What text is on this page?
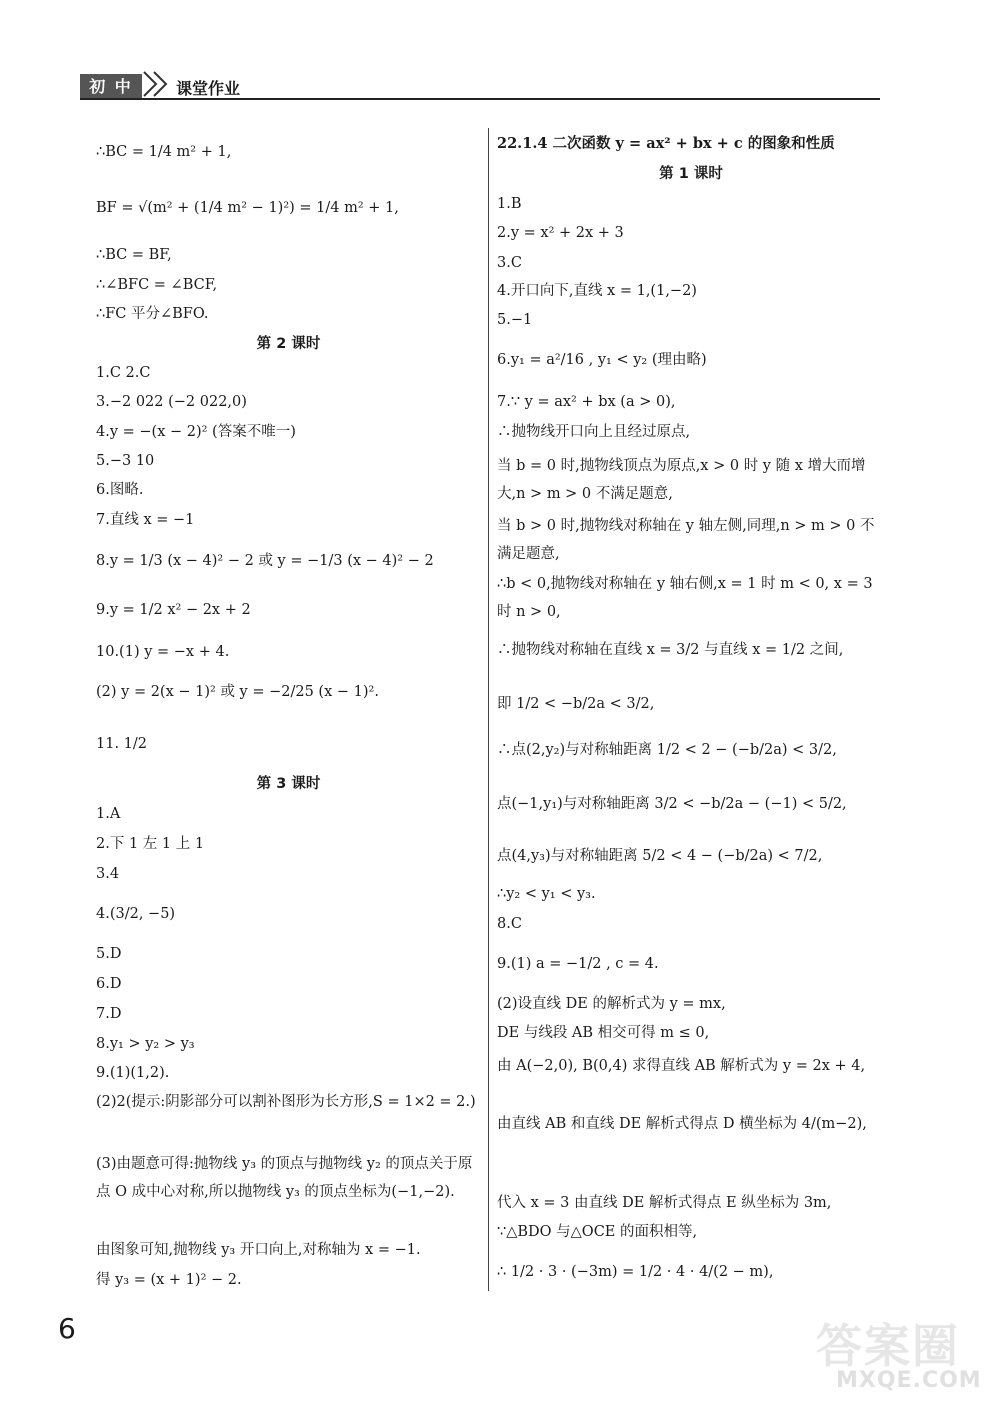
初 中	课堂作业
∴BC = 1/4 m² + 1,
BF = √(m² + (1/4 m² − 1)²) = 1/4 m² + 1,
∴BC = BF,
∴∠BFC = ∠BCF,
∴FC 平分∠BFO.
第 2 课时
1.C 2.C
3.−2 022 (−2 022,0)
4.y = −(x − 2)² (答案不唯一)
5.−3 10
6.图略.
7.直线 x = −1
8.y = 1/3 (x − 4)² − 2 或 y = −1/3 (x − 4)² − 2
9.y = 1/2 x² − 2x + 2
10.(1) y = −x + 4.
(2) y = 2(x − 1)² 或 y = −2/25 (x − 1)².
11. 1/2
第 3 课时
1.A
2.下 1 左 1 上 1
3.4
4.(3/2, −5)
5.D
6.D
7.D
8.y₁ > y₂ > y₃
9.(1)(1,2).
(2)2(提示:阴影部分可以割补图形为长方形,S = 1×2 = 2.)
(3)由题意可得:抛物线 y₃ 的顶点与抛物线 y₂ 的顶点关于原点 O 成中心对称,所以抛物线 y₃ 的顶点坐标为(−1,−2).
由图象可知,抛物线 y₃ 开口向上,对称轴为 x = −1.
得 y₃ = (x + 1)² − 2.
22.1.4 二次函数 y = ax² + bx + c 的图象和性质
第 1 课时
1.B
2.y = x² + 2x + 3
3.C
4.开口向下,直线 x = 1,(1,−2)
5.−1
6.y₁ = a²/16 , y₁ < y₂ (理由略)
7.∵ y = ax² + bx (a > 0),
∴抛物线开口向上且经过原点,
当 b = 0 时,抛物线顶点为原点,x > 0 时 y 随 x 增大而增大,n > m > 0 不满足题意,
当 b > 0 时,抛物线对称轴在 y 轴左侧,同理,n > m > 0 不满足题意,
∴b < 0,抛物线对称轴在 y 轴右侧,x = 1 时 m < 0, x = 3 时 n > 0,
∴抛物线对称轴在直线 x = 3/2 与直线 x = 1/2 之间,
即 1/2 < −b/2a < 3/2,
∴点(2,y₂)与对称轴距离 1/2 < 2 − (−b/2a) < 3/2,
点(−1,y₁)与对称轴距离 3/2 < −b/2a − (−1) < 5/2,
点(4,y₃)与对称轴距离 5/2 < 4 − (−b/2a) < 7/2,
∴y₂ < y₁ < y₃.
8.C
9.(1) a = −1/2 , c = 4.
(2)设直线 DE 的解析式为 y = mx,
DE 与线段 AB 相交可得 m ≤ 0,
由 A(−2,0), B(0,4) 求得直线 AB 解析式为 y = 2x + 4,
由直线 AB 和直线 DE 解析式得点 D 横坐标为 4/(m−2),
代入 x = 3 由直线 DE 解析式得点 E 纵坐标为 3m,
∵△BDO 与△OCE 的面积相等,
∴ 1/2 · 3 · (−3m) = 1/2 · 4 · 4/(2 − m),
6	答案圈
MXQE.COM
